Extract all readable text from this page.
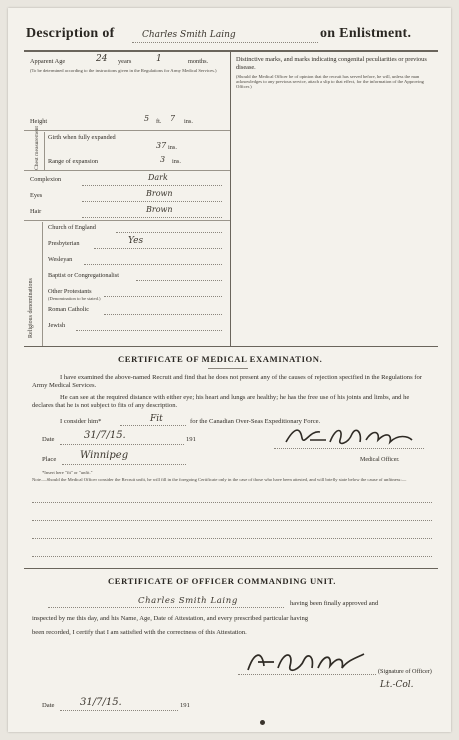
Description of	Charles Smith Laing	on Enlistment.
Apparent Age	24 years	1	months.
(To be determined according to the instructions given in the Regulations for Army Medical Services.)
Distinctive marks, and marks indicating congenital peculiarities or previous disease.
(Should the Medical Officer be of opinion that the recruit has served before, he will, unless the man acknowledges to any previous service, attach a slip to that effect, for the information of the Approving Officer.)
Height	5 ft. 7 ins.
Chest measurement Girth when fully expanded
37 ins.
Range of expansion	3 ins.
Complexion	Dark
Eyes	Brown
Hair	Brown
Religious denominations
Church of England
Presbyterian	Yes
Wesleyan
Baptist or Congregationalist
Other Protestants
(Denomination to be stated.)
Roman Catholic
Jewish
CERTIFICATE OF MEDICAL EXAMINATION.
I have examined the above-named Recruit and find that he does not present any of the causes of rejection specified in the Regulations for Army Medical Services.
He can see at the required distance with either eye; his heart and lungs are healthy; he has the free use of his joints and limbs, and he declares that he is not subject to fits of any description.
I consider him*	Fit	for the Canadian Over-Seas Expeditionary Force.
Date	31/7/15.	191
Place Winnipeg	Medical Officer.
*Insert here "fit" or "unfit."
Note.—Should the Medical Officer consider the Recruit unfit, he will fill in the foregoing Certificate only in the case of those who have been attested, and will briefly state below the cause of unfitness:—
CERTIFICATE OF OFFICER COMMANDING UNIT.
Charles Smith Laing	having been finally approved and
inspected by me this day, and his Name, Age, Date of Attestation, and every prescribed particular having
been recorded, I certify that I am satisfied with the correctness of this Attestation.
(Signature of Officer)
Lt.-Col.
Date	31/7/15.	191
